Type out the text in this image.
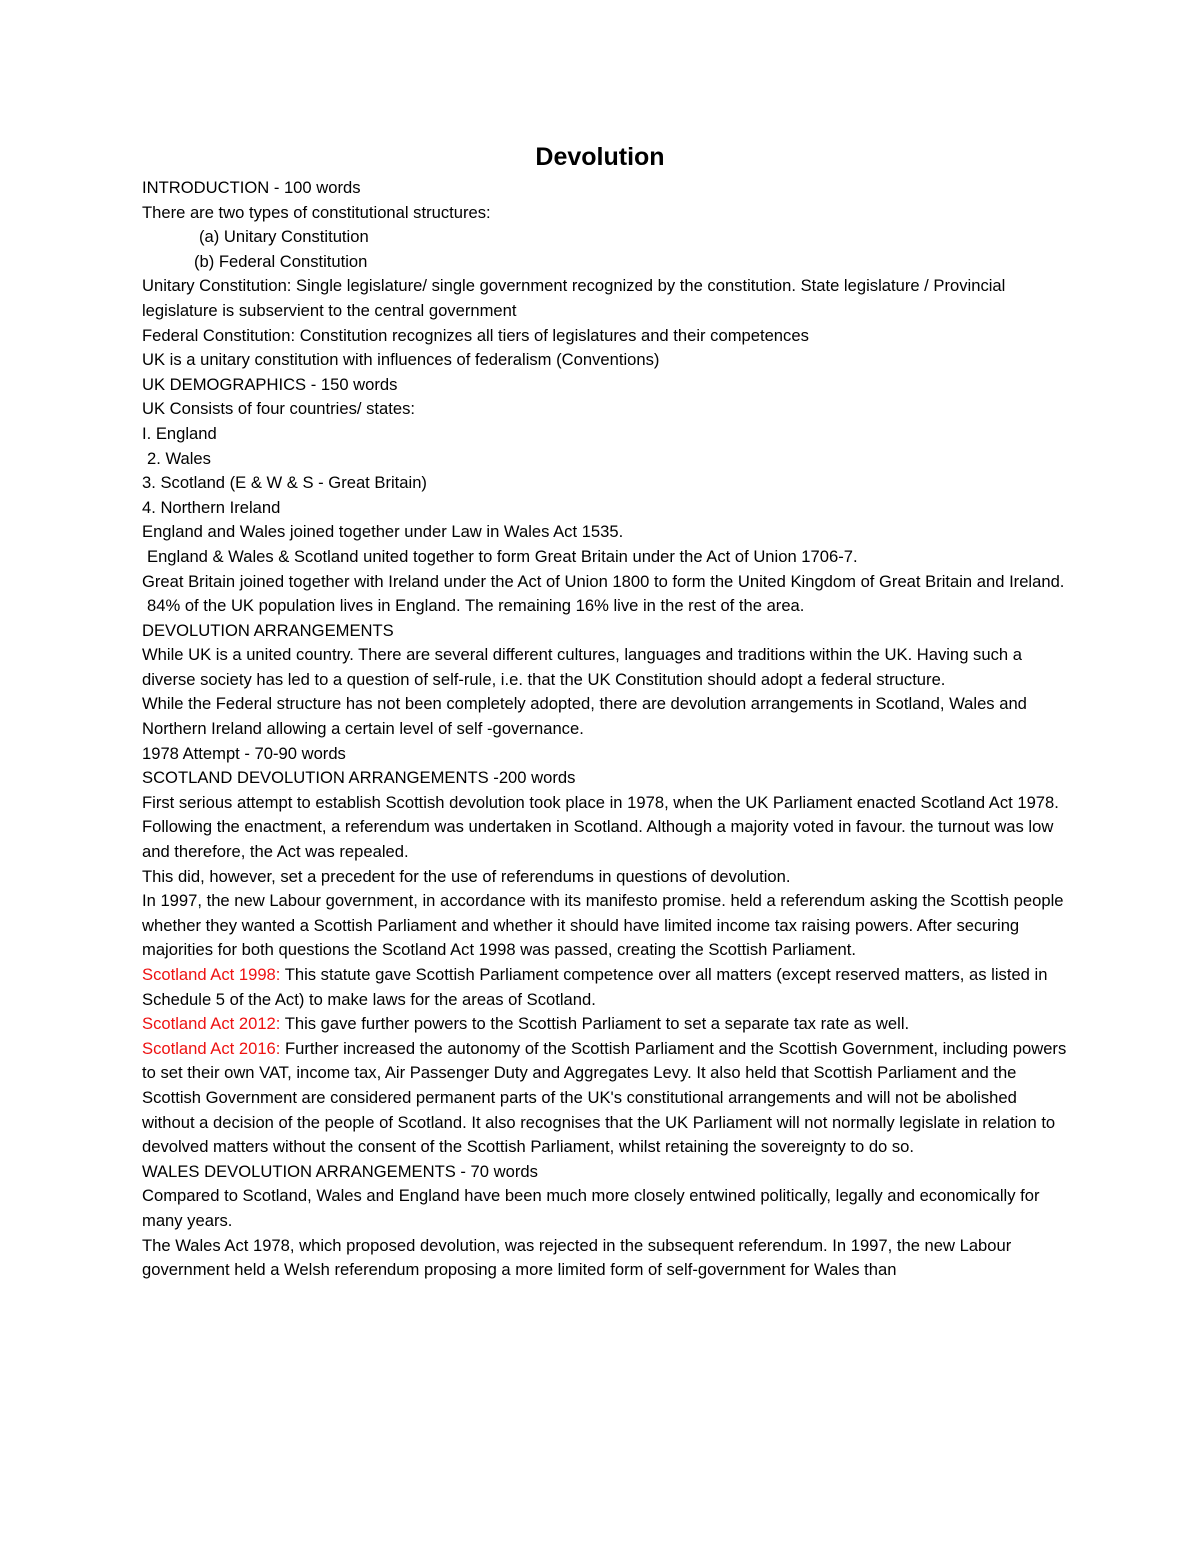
Devolution

INTRODUCTION - 100 words

There are two types of constitutional structures:

(a) Unitary Constitution

(b) Federal Constitution

Unitary Constitution: Single legislature/ single government recognized by the constitution. State legislature / Provincial legislature is subservient to the central government

Federal Constitution: Constitution recognizes all tiers of legislatures and their competences

UK is a unitary constitution with influences of federalism (Conventions)

UK DEMOGRAPHICS - 150 words

UK Consists of four countries/ states:

I. England

2. Wales

3. Scotland (E & W & S - Great Britain)

4. Northern Ireland

England and Wales joined together under Law in Wales Act 1535.

England & Wales & Scotland united together to form Great Britain under the Act of Union 1706-7.

Great Britain joined together with Ireland under the Act of Union 1800 to form the United Kingdom of Great Britain and Ireland.

84% of the UK population lives in England. The remaining 16% live in the rest of the area.

DEVOLUTION ARRANGEMENTS

While UK is a united country. There are several different cultures, languages and traditions within the UK. Having such a diverse society has led to a question of self-rule, i.e. that the UK Constitution should adopt a federal structure.

While the Federal structure has not been completely adopted, there are devolution arrangements in Scotland, Wales and Northern Ireland allowing a certain level of self -governance.

1978 Attempt - 70-90 words

SCOTLAND DEVOLUTION ARRANGEMENTS -200 words

First serious attempt to establish Scottish devolution took place in 1978, when the UK Parliament enacted Scotland Act 1978.

Following the enactment, a referendum was undertaken in Scotland. Although a majority voted in favour. the turnout was low and therefore, the Act was repealed.

This did, however, set a precedent for the use of referendums in questions of devolution.

In 1997, the new Labour government, in accordance with its manifesto promise. held a referendum asking the Scottish people whether they wanted a Scottish Parliament and whether it should have limited income tax raising powers. After securing majorities for both questions the Scotland Act 1998 was passed, creating the Scottish Parliament.

Scotland Act 1998: This statute gave Scottish Parliament competence over all matters (except reserved matters, as listed in Schedule 5 of the Act) to make laws for the areas of Scotland.

Scotland Act 2012: This gave further powers to the Scottish Parliament to set a separate tax rate as well.

Scotland Act 2016: Further increased the autonomy of the Scottish Parliament and the Scottish Government, including powers to set their own VAT, income tax, Air Passenger Duty and Aggregates Levy. It also held that Scottish Parliament and the Scottish Government are considered permanent parts of the UK's constitutional arrangements and will not be abolished without a decision of the people of Scotland. It also recognises that the UK Parliament will not normally legislate in relation to devolved matters without the consent of the Scottish Parliament, whilst retaining the sovereignty to do so.

WALES DEVOLUTION ARRANGEMENTS - 70 words

Compared to Scotland, Wales and England have been much more closely entwined politically, legally and economically for many years.

The Wales Act 1978, which proposed devolution, was rejected in the subsequent referendum. In 1997, the new Labour government held a Welsh referendum proposing a more limited form of self-government for Wales than
